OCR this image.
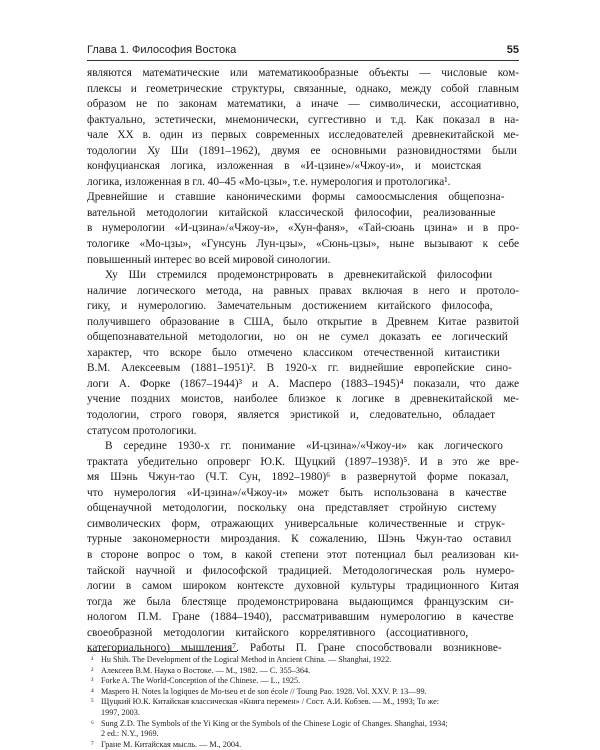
Глава 1. Философия Востока	55
являются математические или математикообразные объекты — числовые ком-
плексы и геометрические структуры, связанные, однако, между собой главным
образом не по законам математики, а иначе — символически, ассоциативно,
фактуально, эстетически, мнемонически, суггестивно и т.д. Как показал в на-
чале XX в. один из первых современных исследователей древнекитайской ме-
тодологии Ху Ши (1891–1962), двумя ее основными разновидностями были
конфуцианская логика, изложенная в «И-цзине»/«Чжоу-и», и моистская
логика, изложенная в гл. 40–45 «Мо-цзы», т.е. нумерология и протологика¹.
Древнейшие и ставшие каноническими формы самоосмысления общепознa-
вательной методологии китайской классической философии, реализованные
в нумерологии «И-цзина»/«Чжоу-и», «Хун-фаня», «Тай-сюань цзина» и в про-
тологике «Мо-цзы», «Гунсунь Лун-цзы», «Сюнь-цзы», ныне вызывают к себе
повышенный интерес во всей мировой синологии.
Ху Ши стремился продемонстрировать в древнекитайской философии
наличие логического метода, на равных правах включая в него и протоло-
гику, и нумерологию. Замечательным достижением китайского философа,
получившего образование в США, было открытие в Древнем Китае развитой
общепознавательной методологии, но он не сумел доказать ее логический
характер, что вскоре было отмечено классиком отечественной китаистики
В.М. Алексеевым (1881–1951)². В 1920-х гг. виднейшие европейские сино-
логи А. Форке (1867–1944)³ и А. Масперо (1883–1945)⁴ показали, что даже
учение поздних моистов, наиболее близкое к логике в древнекитайской ме-
тодологии, строго говоря, является эристикой и, следовательно, обладает
статусом протологики.
В середине 1930-х гг. понимание «И-цзина»/«Чжоу-и» как логического
трактата убедительно опроверг Ю.К. Щуцкий (1897–1938)⁵. И в это же вре-
мя Шэнь Чжун-тао (Ч.Т. Сун, 1892–1980)⁶ в развернутой форме показал,
что нумерология «И-цзина»/«Чжоу-и» может быть использована в качестве
общенаучной методологии, поскольку она представляет стройную систему
символических форм, отражающих универсальные количественные и струк-
турные закономерности мироздания. К сожалению, Шэнь Чжун-тао оставил
в стороне вопрос о том, в какой степени этот потенциал был реализован ки-
тайской научной и философской традицией. Методологическая роль нумеро-
логии в самом широком контексте духовной культуры традиционного Китая
тогда же была блестяще продемонстрирована выдающимся французским си-
нологом П.М. Гране (1884–1940), рассматривавшим нумерологию в качестве
своеобразной методологии китайского коррелятивного (ассоциативного,
категориального) мышления⁷. Работы П. Гране способствовали возникнове-
¹ Hu Shih. The Development of the Logical Method in Ancient China. — Shanghai, 1922.
² Алексеев В.М. Наука о Востоке. — М., 1982. — С. 355–364.
³ Forke A. The World-Conception of the Chinese. — L., 1925.
⁴ Maspero H. Notes la logiques de Mo-tseu et de son école // Toung Pao. 1928. Vol. XXV. P. 13—99.
⁵ Щуцкий Ю.К. Китайская классическая «Книга перемен» / Сост. А.И. Кобзев. — М., 1993; То же:
1997, 2003.
⁶ Sung Z.D. The Symbols of the Yi King or the Symbols of the Chinese Logic of Changes. Shanghai, 1934;
2 ed.: N.Y., 1969.
⁷ Гране М. Китайская мысль. — М., 2004.
